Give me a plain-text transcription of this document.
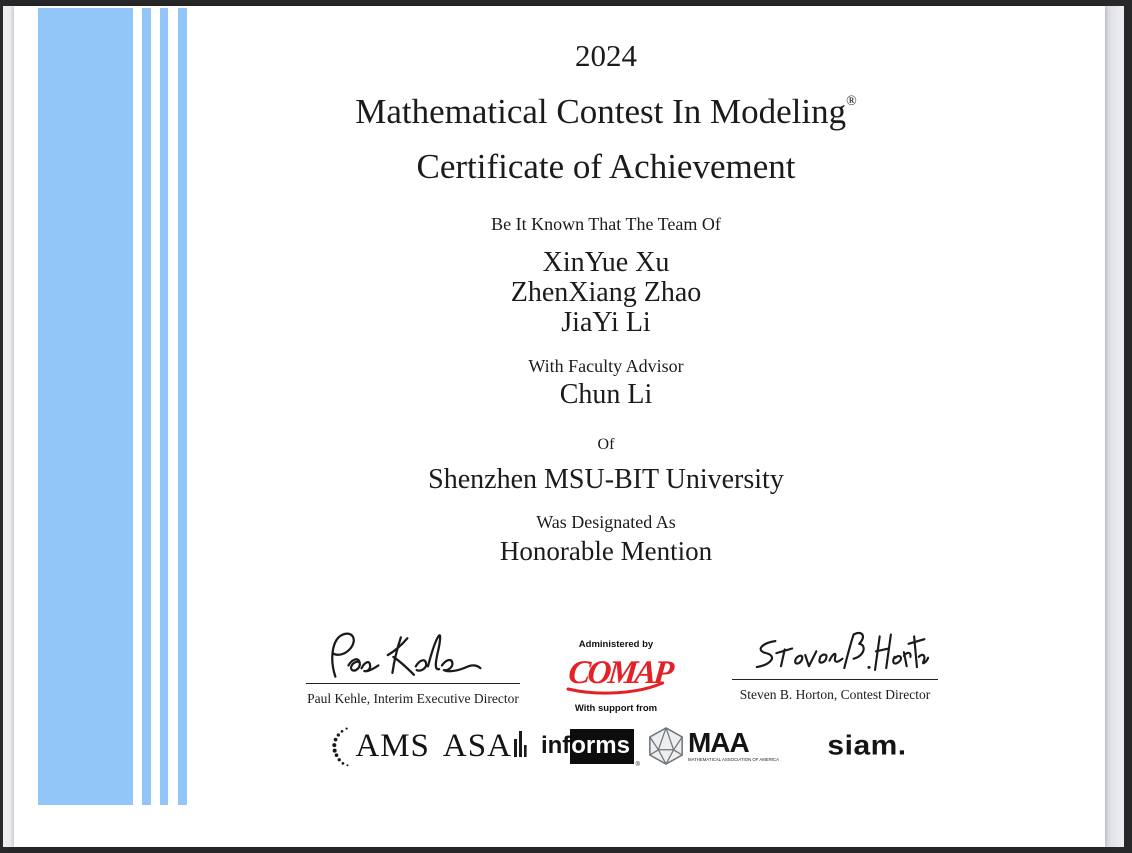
2024
Mathematical Contest In Modeling®
Certificate of Achievement
Be It Known That The Team Of
XinYue Xu
ZhenXiang Zhao
JiaYi Li
With Faculty Advisor
Chun Li
Of
Shenzhen MSU-BIT University
Was Designated As
Honorable Mention
Paul Kehle, Interim Executive Director
Administered by
COMAP
With support from
Steven B. Horton, Contest Director
AMS ASA inf orms
®
MAA
MATHEMATICAL ASSOCIATION OF AMERICA siam.
